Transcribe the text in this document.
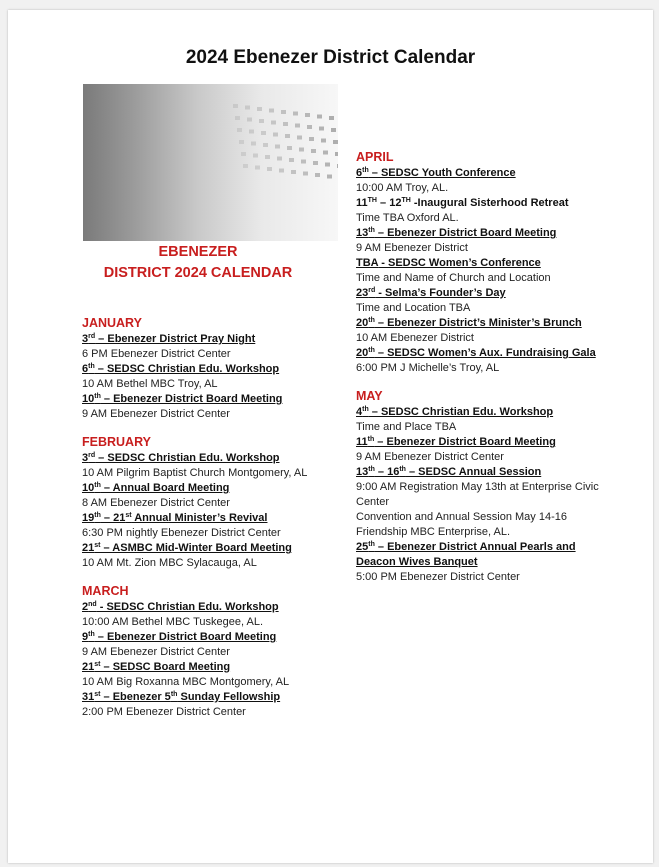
2024 Ebenezer District Calendar
EBENEZER
DISTRICT 2024 CALENDAR
JANUARY
3rd – Ebenezer District Pray Night
6 PM Ebenezer District Center
6th – SEDSC Christian Edu. Workshop
10 AM Bethel MBC Troy, AL
10th – Ebenezer District Board Meeting
9 AM Ebenezer District Center
FEBRUARY
3rd – SEDSC Christian Edu. Workshop
10 AM Pilgrim Baptist Church Montgomery, AL
10th – Annual Board Meeting
8 AM Ebenezer District Center
19th – 21st Annual Minister’s Revival
6:30 PM nightly Ebenezer District Center
21st – ASMBC Mid-Winter Board Meeting
10 AM Mt. Zion MBC Sylacauga, AL
MARCH
2nd - SEDSC Christian Edu. Workshop
10:00 AM Bethel MBC Tuskegee, AL.
9th – Ebenezer District Board Meeting
9 AM Ebenezer District Center
21st – SEDSC Board Meeting
10 AM Big Roxanna MBC Montgomery, AL
31st – Ebenezer 5th Sunday Fellowship
2:00 PM Ebenezer District Center
APRIL
6th – SEDSC Youth Conference
10:00 AM Troy, AL.
11TH – 12TH -Inaugural Sisterhood Retreat
Time TBA Oxford AL.
13th – Ebenezer District Board Meeting
9 AM Ebenezer District
TBA - SEDSC Women’s Conference
Time and Name of Church and Location
23rd - Selma’s Founder’s Day
Time and Location TBA
20th – Ebenezer District’s Minister’s Brunch
10 AM Ebenezer District
20th – SEDSC Women’s Aux. Fundraising Gala
6:00 PM J Michelle’s Troy, AL
MAY
4th – SEDSC Christian Edu. Workshop
Time and Place TBA
11th – Ebenezer District Board Meeting
9 AM Ebenezer District Center
13th – 16th – SEDSC Annual Session
9:00 AM Registration May 13th at Enterprise Civic Center
Convention and Annual Session May 14-16 Friendship MBC Enterprise, AL.
25th – Ebenezer District Annual Pearls and Deacon Wives Banquet
5:00 PM Ebenezer District Center
